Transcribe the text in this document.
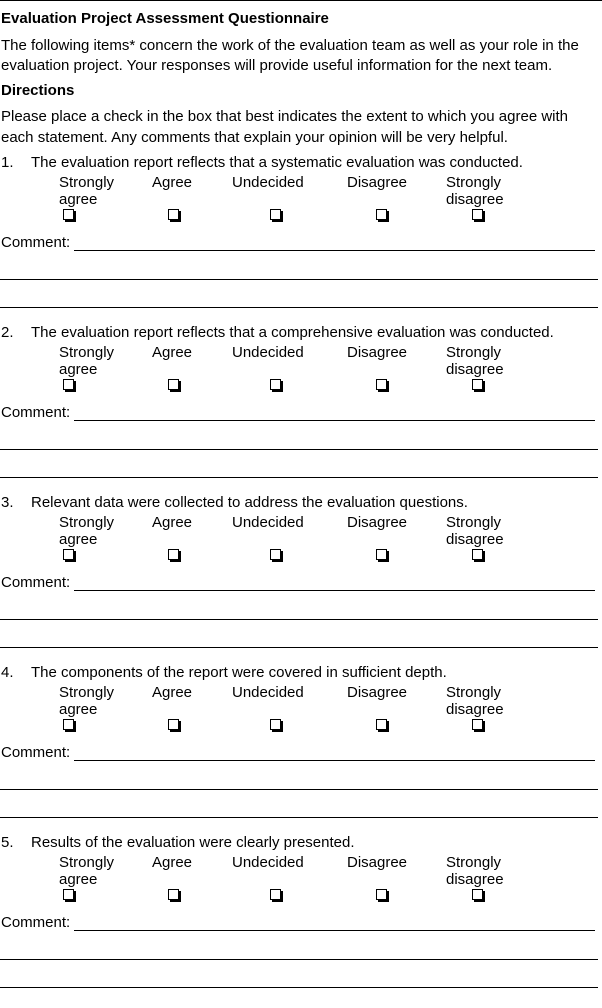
Evaluation Project Assessment Questionnaire
The following items* concern the work of the evaluation team as well as your role in the evaluation project. Your responses will provide useful information for the next team.
Directions
Please place a check in the box that best indicates the extent to which you agree with each statement. Any comments that explain your opinion will be very helpful.
1. The evaluation report reflects that a systematic evaluation was conducted.
Strongly
agree
Agree	Undecided	Disagree	Strongly
disagree
Comment:
2. The evaluation report reflects that a comprehensive evaluation was conducted.
Strongly
agree
Agree	Undecided	Disagree	Strongly
disagree
Comment:
3. Relevant data were collected to address the evaluation questions.
Strongly
agree
Agree	Undecided	Disagree	Strongly
disagree
Comment:
4. The components of the report were covered in sufficient depth.
Strongly
agree
Agree	Undecided	Disagree	Strongly
disagree
Comment:
5. Results of the evaluation were clearly presented.
Strongly
agree
Agree	Undecided	Disagree	Strongly
disagree
Comment:
